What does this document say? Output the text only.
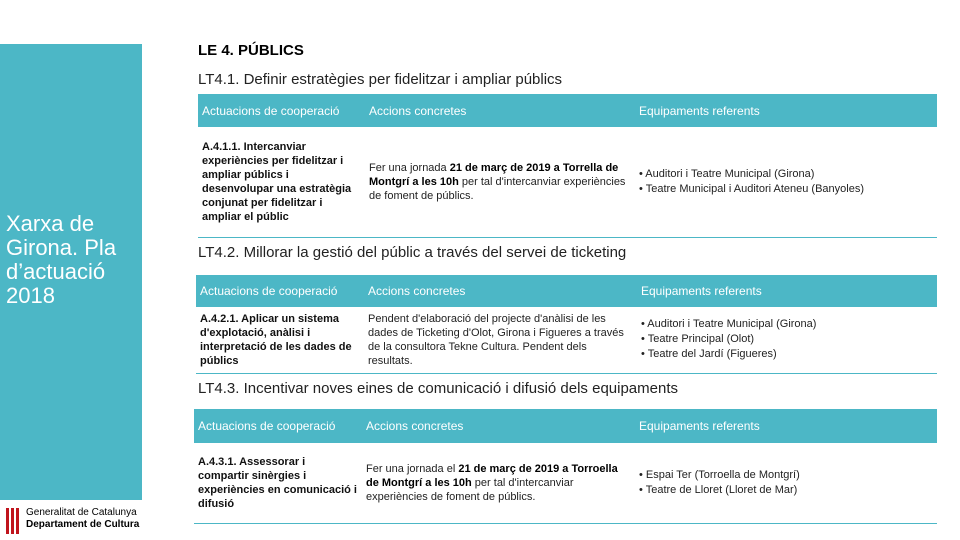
Xarxa de Girona. Pla d’actuació 2018
Generalitat de Catalunya
Departament de Cultura
LE 4. PÚBLICS
LT4.1. Definir estratègies per fidelitzar i ampliar públics
Actuacions de cooperació	Accions concretes	Equipaments referents
A.4.1.1. Intercanviar experiències per fidelitzar i ampliar públics i desenvolupar una estratègia conjunat per fidelitzar i ampliar el públic	Fer una jornada 21 de març de 2019 a Torrella de Montgrí a les 10h per tal d'intercanviar experiències de foment de públics.	• Auditori i Teatre Municipal (Girona)
• Teatre Municipal i Auditori Ateneu (Banyoles)
LT4.2. Millorar la gestió del públic a través del servei de ticketing
Actuacions de cooperació	Accions concretes	Equipaments referents
A.4.2.1. Aplicar un sistema d'explotació, anàlisi i interpretació de les dades de públics	Pendent d'elaboració del projecte d'anàlisi de les dades de Ticketing d'Olot, Girona i Figueres a través de la consultora Tekne Cultura. Pendent dels resultats.	• Auditori i Teatre Municipal (Girona)
• Teatre Principal (Olot)
• Teatre del Jardí (Figueres)
LT4.3. Incentivar noves eines de comunicació i difusió dels equipaments
Actuacions de cooperació	Accions concretes	Equipaments referents
A.4.3.1. Assessorar i compartir sinèrgies i experiències en comunicació i difusió	Fer una jornada el 21 de març de 2019 a Torroella de Montgrí a les 10h per tal d'intercanviar experiències de foment de públics.	• Espai Ter (Torroella de Montgrí)
• Teatre de Lloret (Lloret de Mar)
